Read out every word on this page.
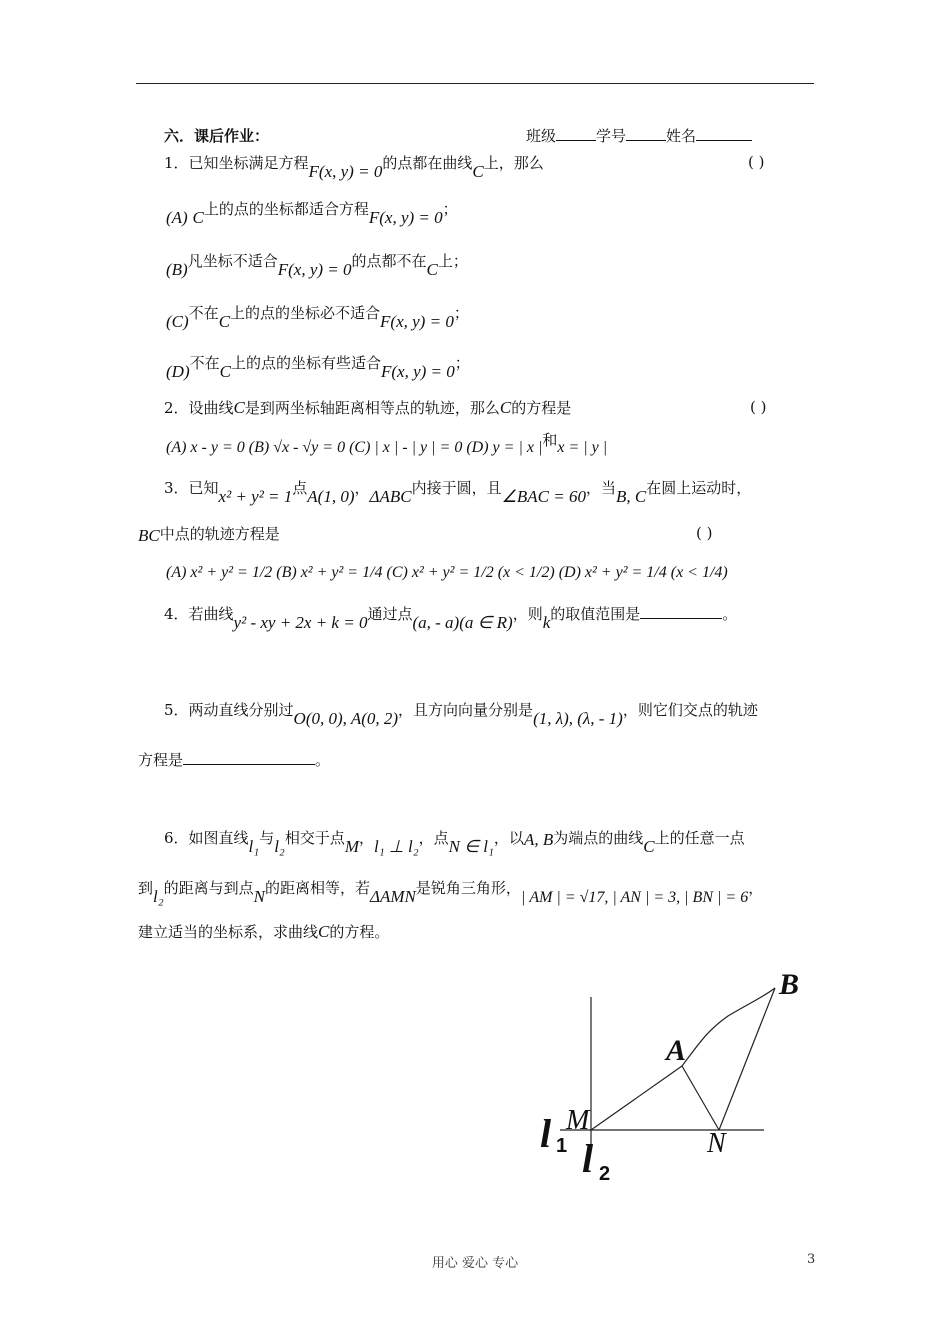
六．课后作业：	班级	学号	姓名
1．已知坐标满足方程F(x, y) = 0的点都在曲线C上，那么	( )
(A) C上的点的坐标都适合方程F(x, y) = 0；
(B)凡坐标不适合F(x, y) = 0的点都不在C上；
(C)不在C上的点的坐标必不适合F(x, y) = 0；
(D)不在C上的点的坐标有些适合F(x, y) = 0；
2．设曲线C是到两坐标轴距离相等点的轨迹，那么C的方程是	( )
(A) x - y = 0 (B) √x - √y = 0 (C) | x | - | y | = 0 (D) y = | x |和x = | y |
3．已知x² + y² = 1点A(1, 0)，ΔABC内接于圆，且∠BAC = 60，当B, C在圆上运动时，
BC中点的轨迹方程是	( )
(A) x² + y² = 1/2 (B) x² + y² = 1/4 (C) x² + y² = 1/2 (x < 1/2) (D) x² + y² = 1/4 (x < 1/4)
4．若曲线y² - xy + 2x + k = 0通过点(a, - a)(a ∈ R)，则k的取值范围是	。
5．两动直线分别过O(0, 0), A(0, 2)，且方向向量分别是(1, λ), (λ, - 1)，则它们交点的轨迹
方程是	。
6．如图直线l₁与l₂相交于点M，l₁ ⊥ l₂，点N ∈ l₁，以A, B为端点的曲线C上的任意一点
到l₂的距离与到点N的距离相等，若ΔAMN是锐角三角形，| AM | = √17, | AN | = 3, | BN | = 6，
建立适当的坐标系，求曲线C的方程。
B
A
M
N
l 1 l 2
用心 爱心 专心	3
